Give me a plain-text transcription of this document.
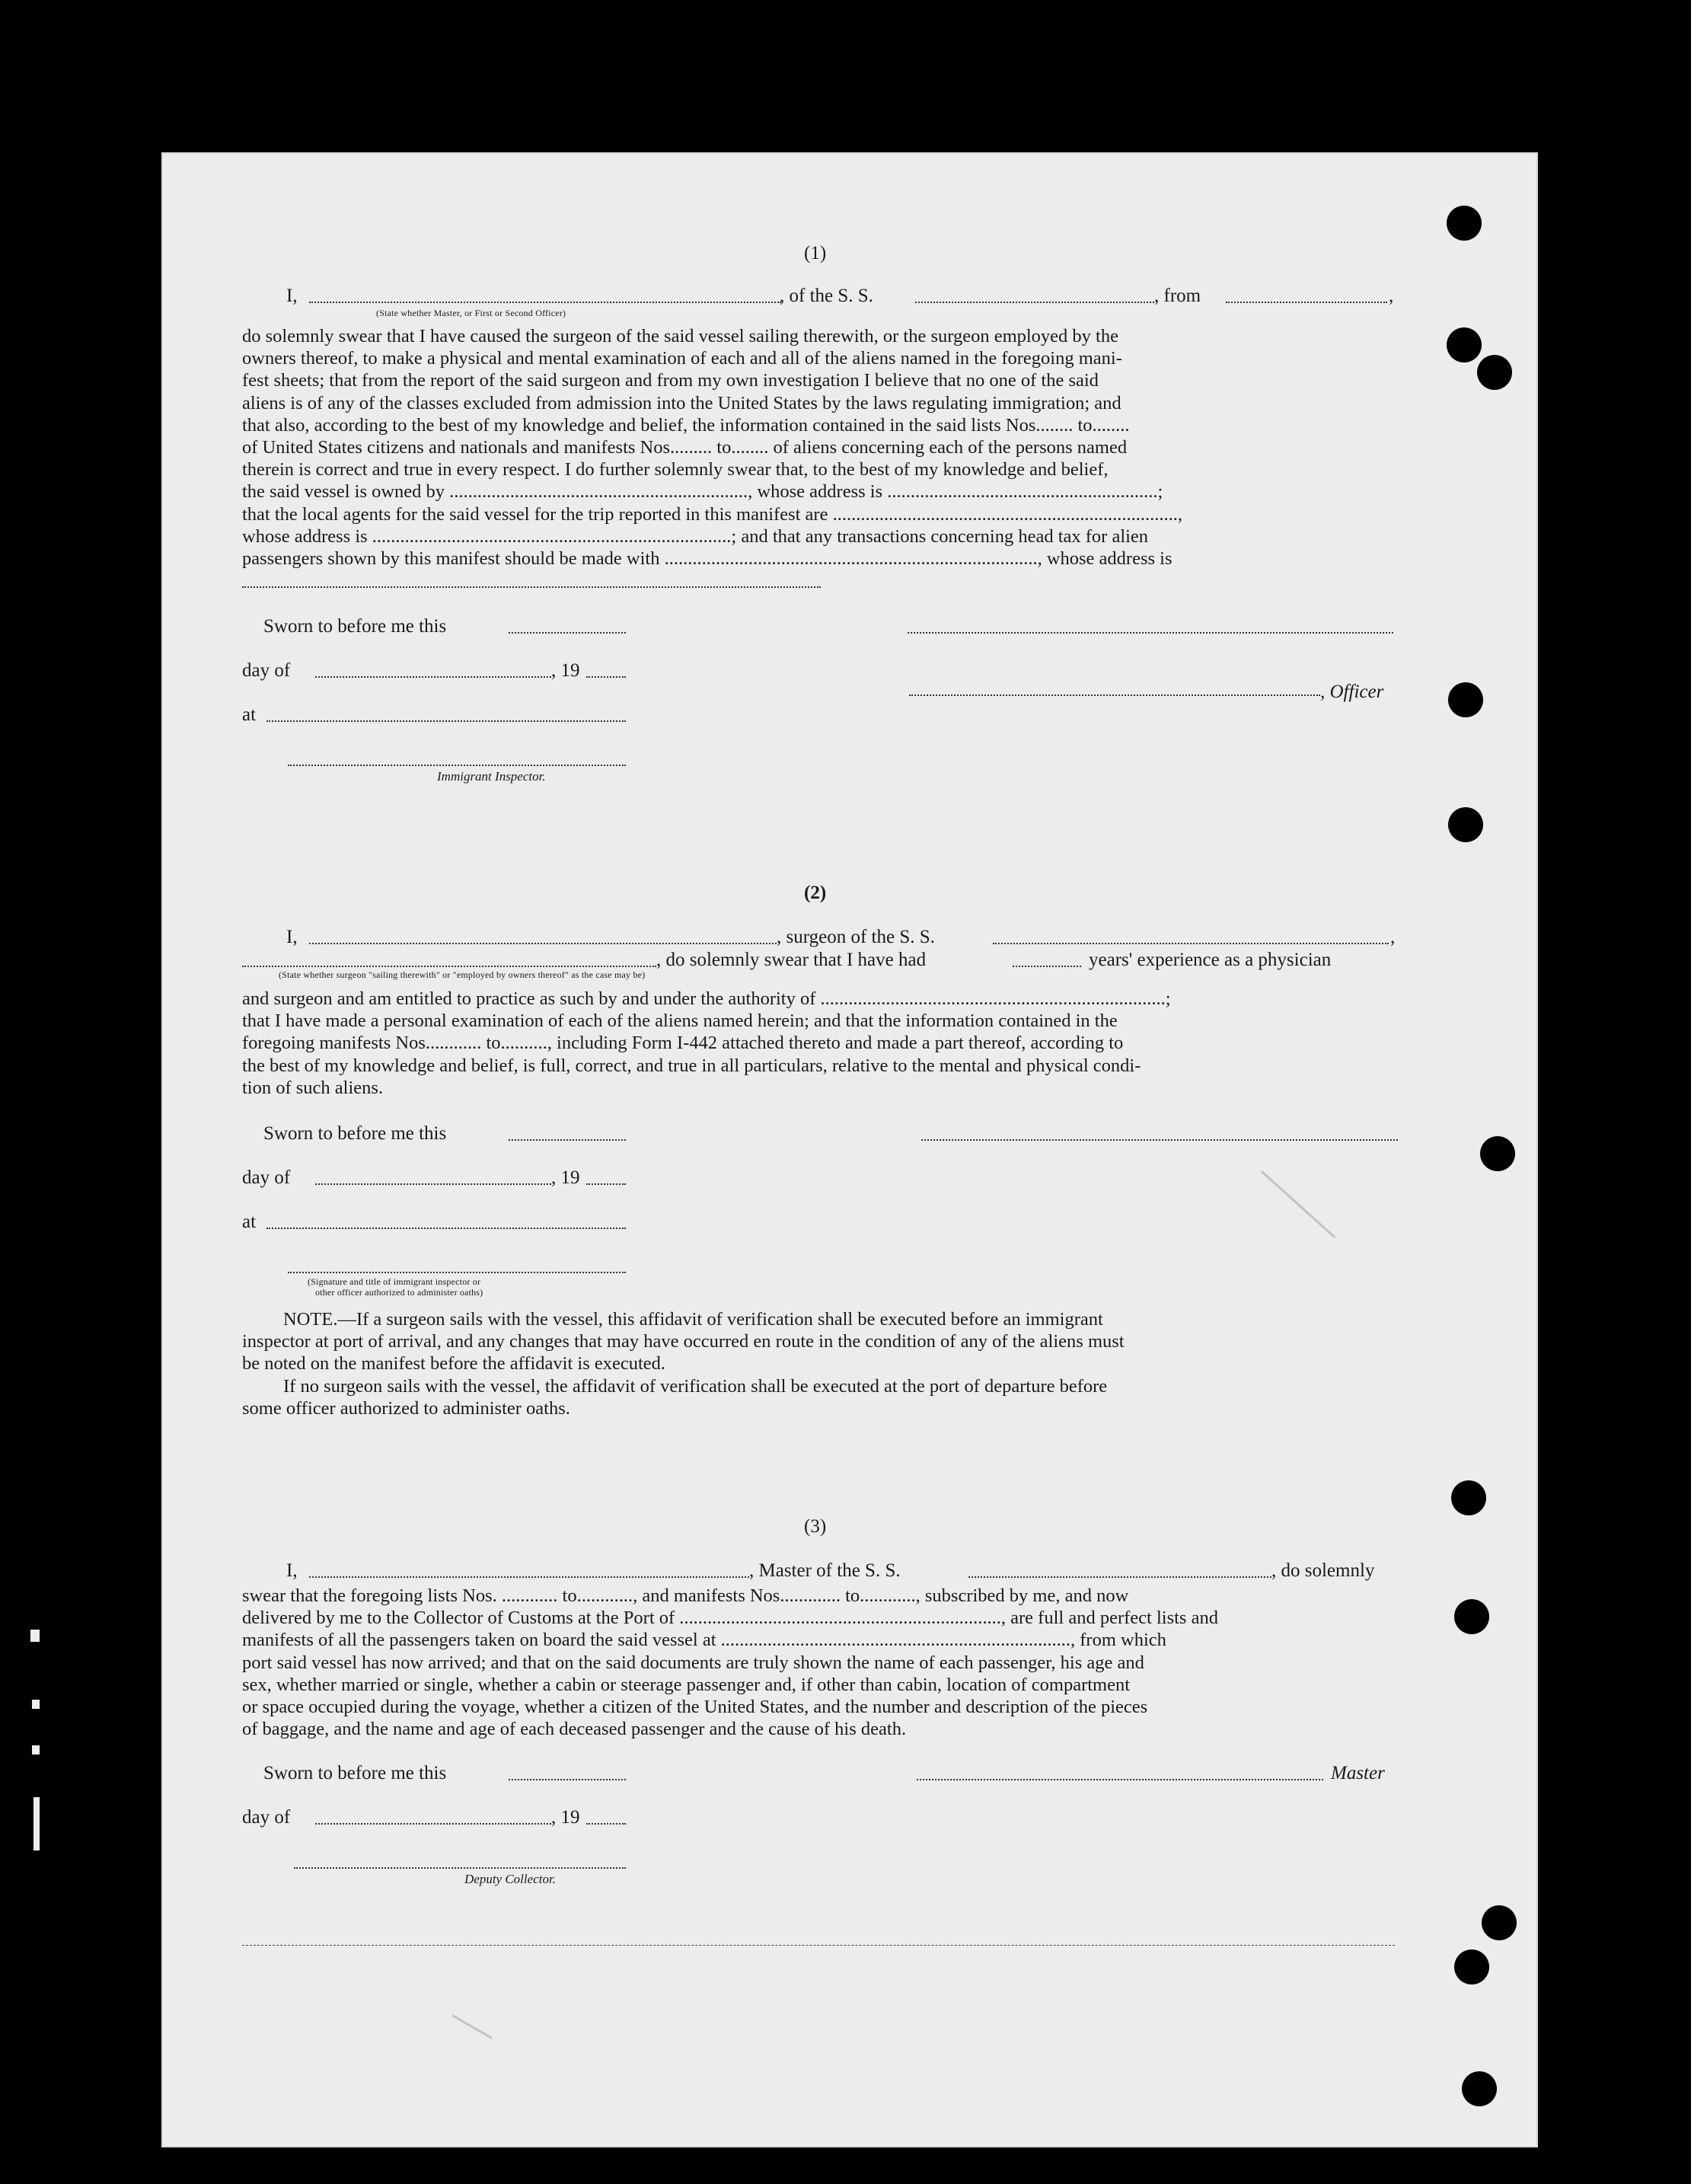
(1)
I,
(State whether Master, or First or Second Officer)
, of the S. S.	, from	,
do solemnly swear that I have caused the surgeon of the said vessel sailing therewith, or the surgeon employed by the
owners thereof, to make a physical and mental examination of each and all of the aliens named in the foregoing mani-
fest sheets; that from the report of the said surgeon and from my own investigation I believe that no one of the said
aliens is of any of the classes excluded from admission into the United States by the laws regulating immigration; and
that also, according to the best of my knowledge and belief, the information contained in the said lists Nos........ to........
of United States citizens and nationals and manifests Nos......... to........ of aliens concerning each of the persons named
therein is correct and true in every respect. I do further solemnly swear that, to the best of my knowledge and belief,
the said vessel is owned by ................................................................, whose address is ..........................................................;
that the local agents for the said vessel for the trip reported in this manifest are ..........................................................................,
whose address is .............................................................................; and that any transactions concerning head tax for alien
passengers shown by this manifest should be made with ................................................................................, whose address is
Sworn to before me this
day of	, 19
, Officer
at
Immigrant Inspector.
(2)
I,	, surgeon of the S. S.	,
, do solemnly swear that I have had	years' experience as a physician
(State whether surgeon "sailing therewith" or "employed by owners thereof" as the case may be)
and surgeon and am entitled to practice as such by and under the authority of ..........................................................................;
that I have made a personal examination of each of the aliens named herein; and that the information contained in the
foregoing manifests Nos............ to.........., including Form I-442 attached thereto and made a part thereof, according to
the best of my knowledge and belief, is full, correct, and true in all particulars, relative to the mental and physical condi-
tion of such aliens.
Sworn to before me this
day of	, 19
at
(Signature and title of immigrant inspector or
other officer authorized to administer oaths)
NOTE.—If a surgeon sails with the vessel, this affidavit of verification shall be executed before an immigrant
inspector at port of arrival, and any changes that may have occurred en route in the condition of any of the aliens must
be noted on the manifest before the affidavit is executed.
If no surgeon sails with the vessel, the affidavit of verification shall be executed at the port of departure before
some officer authorized to administer oaths.
(3)
I,	, Master of the S. S.	, do solemnly
swear that the foregoing lists Nos. ............ to............, and manifests Nos............. to............, subscribed by me, and now
delivered by me to the Collector of Customs at the Port of ....................................................................., are full and perfect lists and
manifests of all the passengers taken on board the said vessel at ..........................................................................., from which
port said vessel has now arrived; and that on the said documents are truly shown the name of each passenger, his age and
sex, whether married or single, whether a cabin or steerage passenger and, if other than cabin, location of compartment
or space occupied during the voyage, whether a citizen of the United States, and the number and description of the pieces
of baggage, and the name and age of each deceased passenger and the cause of his death.
Sworn to before me this	Master
day of	, 19
Deputy Collector.
